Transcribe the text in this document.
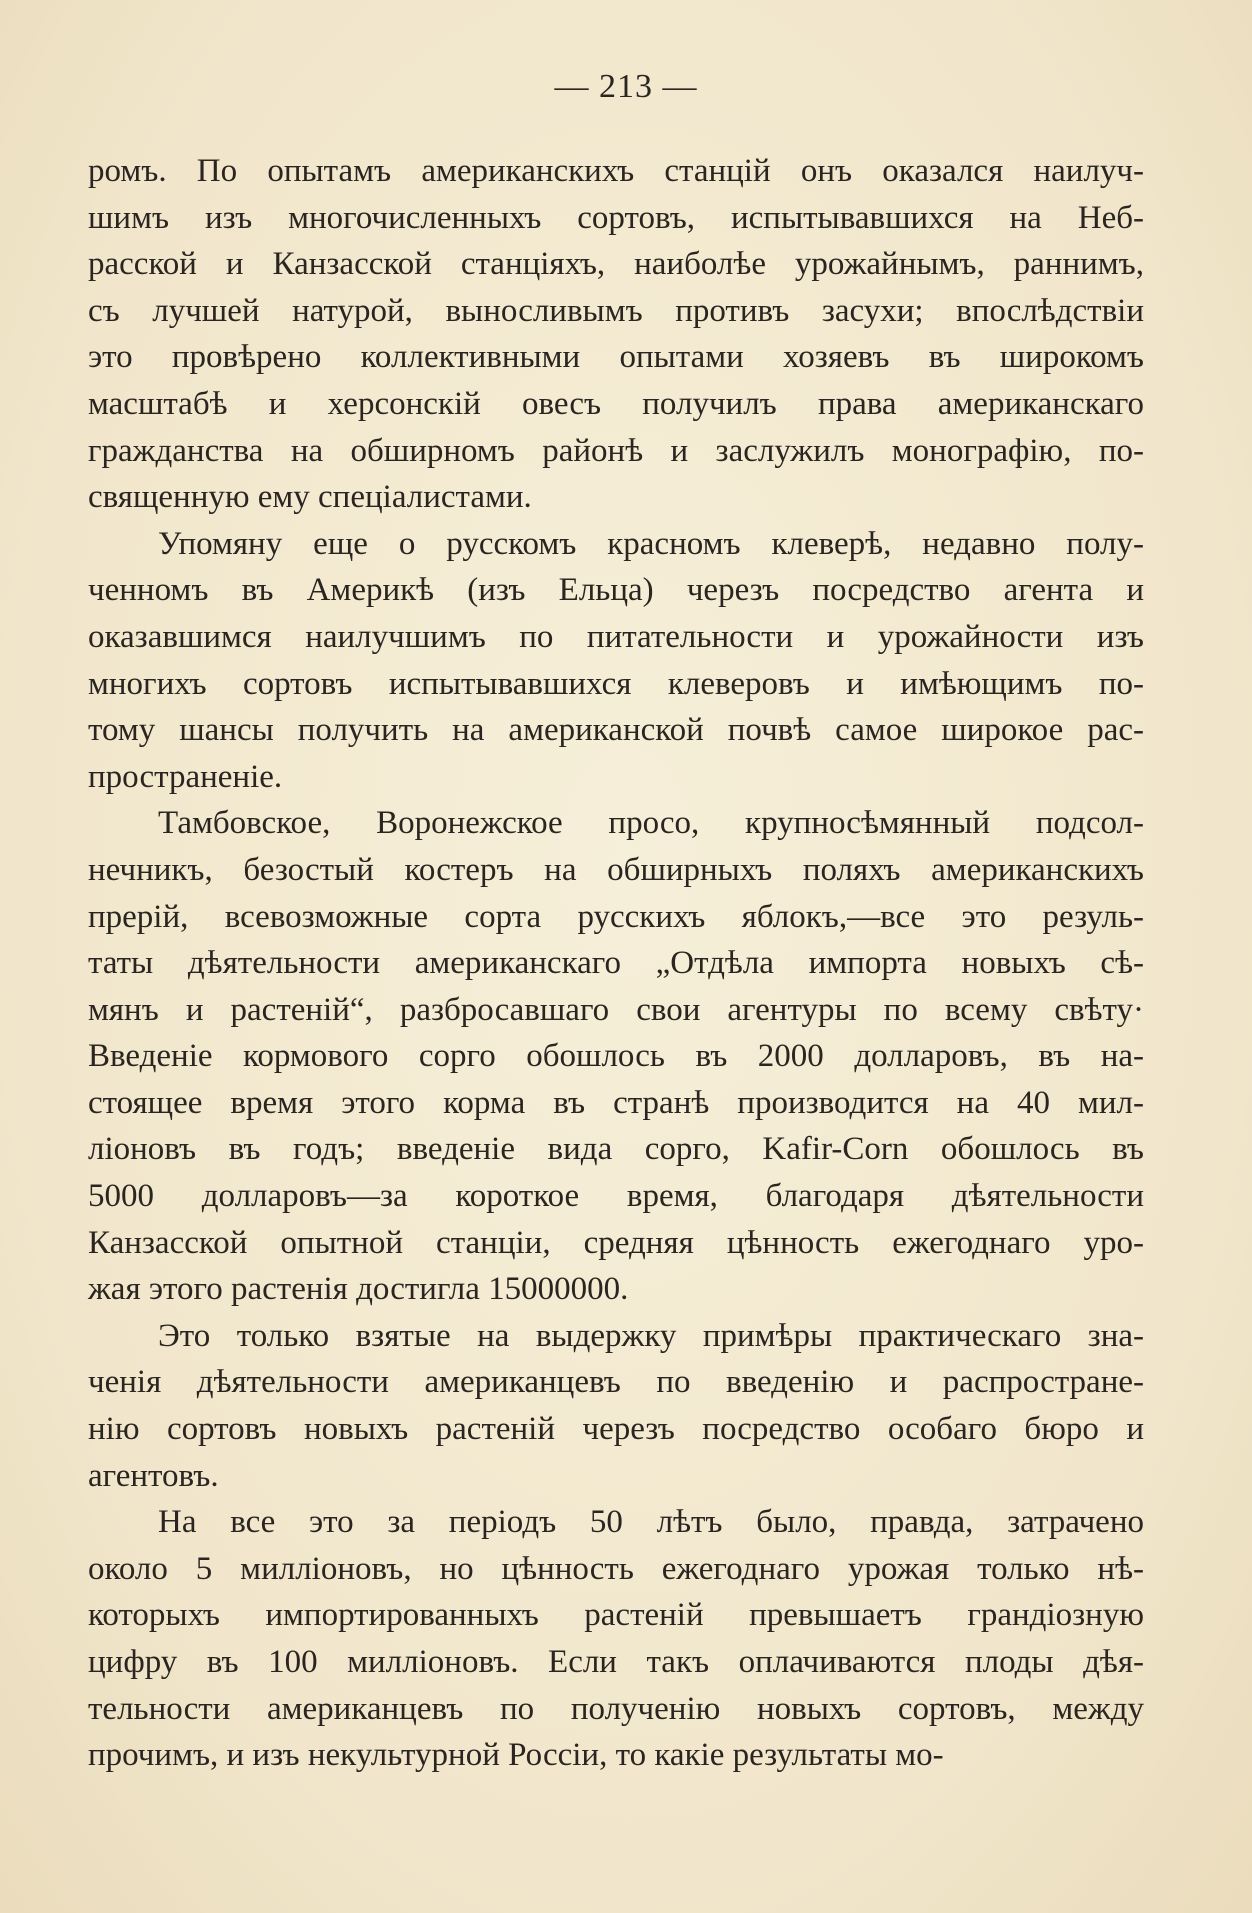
— 213 —
ромъ. По опытамъ американскихъ станцій онъ оказался наилуч-
шимъ изъ многочисленныхъ сортовъ, испытывавшихся на Неб-
расской и Канзасской станціяхъ, наиболѣе урожайнымъ, раннимъ,
съ лучшей натурой, выносливымъ противъ засухи; впослѣдствіи
это провѣрено коллективными опытами хозяевъ въ широкомъ
масштабѣ и херсонскій овесъ получилъ права американскаго
гражданства на обширномъ районѣ и заслужилъ монографію, по-
священную ему спеціалистами.
Упомяну еще о русскомъ красномъ клеверѣ, недавно полу-
ченномъ въ Америкѣ (изъ Ельца) черезъ посредство агента и
оказавшимся наилучшимъ по питательности и урожайности изъ
многихъ сортовъ испытывавшихся клеверовъ и имѣющимъ по-
тому шансы получить на американской почвѣ самое широкое рас-
пространеніе.
Тамбовское, Воронежское просо, крупносѣмянный подсол-
нечникъ, безостый костеръ на обширныхъ поляхъ американскихъ
прерій, всевозможные сорта русскихъ яблокъ,—все это резуль-
таты дѣятельности американскаго „Отдѣла импорта новыхъ сѣ-
мянъ и растеній“, разбросавшаго свои агентуры по всему свѣту·
Введеніе кормового сорго обошлось въ 2000 долларовъ, въ на-
стоящее время этого корма въ странѣ производится на 40 мил-
ліоновъ въ годъ; введеніе вида сорго, Kafir-Corn обошлось въ
5000 долларовъ—за короткое время, благодаря дѣятельности
Канзасской опытной станціи, средняя цѣнность ежегоднаго уро-
жая этого растенія достигла 15000000.
Это только взятые на выдержку примѣры практическаго зна-
ченія дѣятельности американцевъ по введенію и распростране-
нію сортовъ новыхъ растеній черезъ посредство особаго бюро и
агентовъ.
На все это за періодъ 50 лѣтъ было, правда, затрачено
около 5 милліоновъ, но цѣнность ежегоднаго урожая только нѣ-
которыхъ импортированныхъ растеній превышаетъ грандіозную
цифру въ 100 милліоновъ. Если такъ оплачиваются плоды дѣя-
тельности американцевъ по полученію новыхъ сортовъ, между
прочимъ, и изъ некультурной Россіи, то какіе результаты мо-
